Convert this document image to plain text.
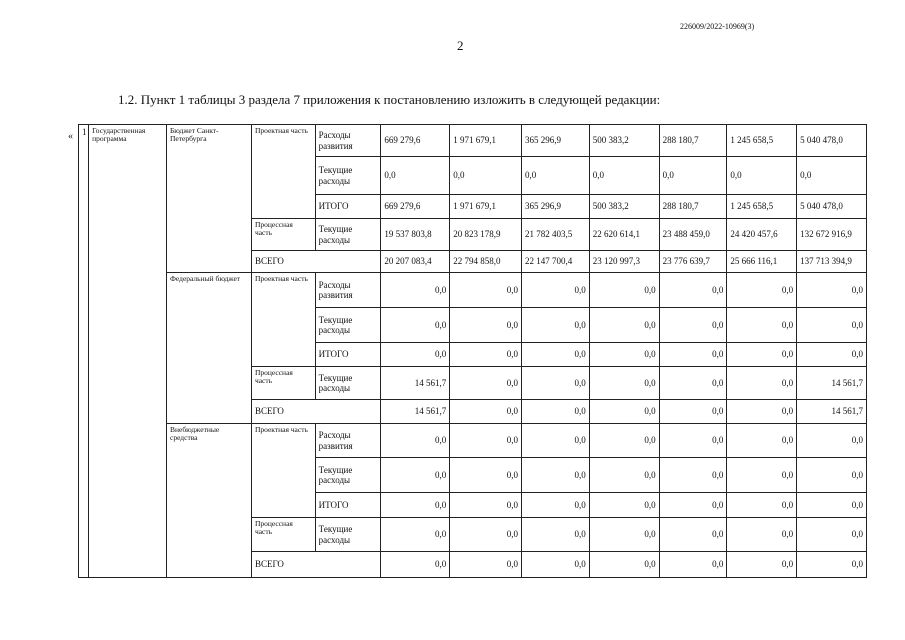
226009/2022-10969(3)
2
1.2. Пункт 1 таблицы 3 раздела 7 приложения к постановлению изложить в следующей редакции:
« 1	Государственная программа	Бюджет Санкт-Петербурга	Проектная часть	Расходы развития	669 279,6	1 971 679,1	365 296,9	500 383,2	288 180,7	1 245 658,5	5 040 478,0
				Текущие расходы	0,0	0,0	0,0	0,0	0,0	0,0	0,0
				ИТОГО	669 279,6	1 971 679,1	365 296,9	500 383,2	288 180,7	1 245 658,5	5 040 478,0
			Процессная часть	Текущие расходы	19 537 803,8	20 823 178,9	21 782 403,5	22 620 614,1	23 488 459,0	24 420 457,6	132 672 916,9
			ВСЕГО		20 207 083,4	22 794 858,0	22 147 700,4	23 120 997,3	23 776 639,7	25 666 116,1	137 713 394,9
		Федеральный бюджет	Проектная часть	Расходы развития	0,0	0,0	0,0	0,0	0,0	0,0	0,0
				Текущие расходы	0,0	0,0	0,0	0,0	0,0	0,0	0,0
				ИТОГО	0,0	0,0	0,0	0,0	0,0	0,0	0,0
			Процессная часть	Текущие расходы	14 561,7	0,0	0,0	0,0	0,0	0,0	14 561,7
			ВСЕГО		14 561,7	0,0	0,0	0,0	0,0	0,0	14 561,7
		Внебюджетные средства	Проектная часть	Расходы развития	0,0	0,0	0,0	0,0	0,0	0,0	0,0
				Текущие расходы	0,0	0,0	0,0	0,0	0,0	0,0	0,0
				ИТОГО	0,0	0,0	0,0	0,0	0,0	0,0	0,0
			Процессная часть	Текущие расходы	0,0	0,0	0,0	0,0	0,0	0,0	0,0
			ВСЕГО		0,0	0,0	0,0	0,0	0,0	0,0	0,0
